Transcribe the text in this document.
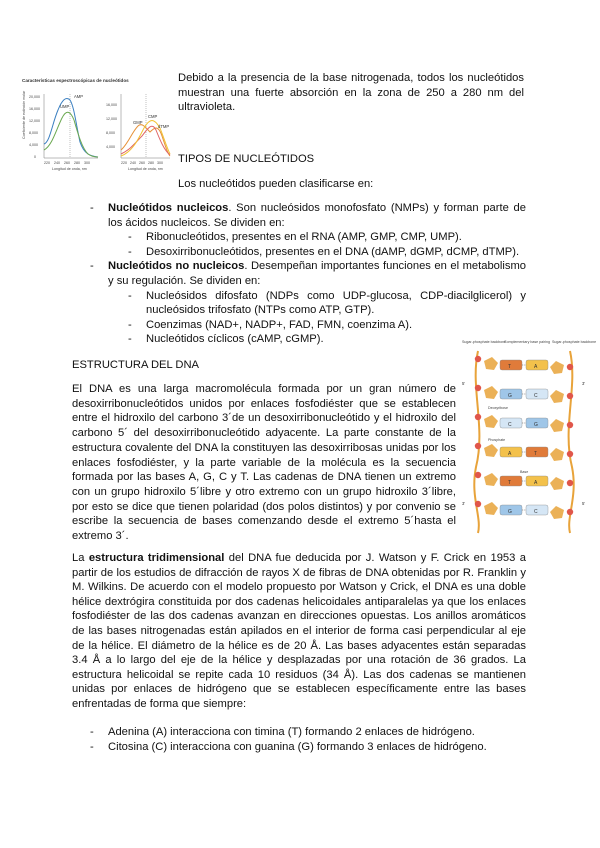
Características espectroscópicas de nucleótidos
Coeficiente de extinción molar 20,000
16,000
12,000
8,000
4,000
0
UMP
AMP
220 240 260 280 300
Longitud de onda, nm
16,000
12,000
8,000
4,000
GMP
CMP
dTMP
220 240 260 280 300
Longitud de onda, nm
Debido a la presencia de la base nitrogenada, todos los nucleótidos muestran una fuerte absorción en la zona de 250 a 280 nm del ultravioleta.
TIPOS DE NUCLEÓTIDOS
Los nucleótidos pueden clasificarse en:
- Nucleótidos nucleicos. Son nucleósidos monofosfato (NMPs) y forman parte de los ácidos nucleicos. Se dividen en:
- Ribonucleótidos, presentes en el RNA (AMP, GMP, CMP, UMP).
- Desoxirribonucleótidos, presentes en el DNA (dAMP, dGMP, dCMP, dTMP).
- Nucleótidos no nucleicos. Desempeñan importantes funciones en el metabolismo y su regulación. Se dividen en:
- Nucleósidos difosfato (NDPs como UDP-glucosa, CDP-diacilglicerol) y nucleósidos trifosfato (NTPs como ATP, GTP).
- Coenzimas (NAD+, NADP+, FAD, FMN, coenzima A).
- Nucleótidos cíclicos (cAMP, cGMP).
ESTRUCTURA DEL DNA
El DNA es una larga macromolécula formada por un gran número de desoxirribonucleótidos unidos por enlaces fosfodiéster que se establecen entre el hidroxilo del carbono 3´de un desoxirribonucleótido y el hidroxilo del carbono 5´ del desoxirribonucleótido adyacente. La parte constante de la estructura covalente del DNA la constituyen las desoxirribosas unidas por los enlaces fosfodiéster, y la parte variable de la molécula es la secuencia formada por las bases A, G, C y T. Las cadenas de DNA tienen un extremo con un grupo hidroxilo 5´libre y otro extremo con un grupo hidroxilo 3´libre, por esto se dice que tienen polaridad (dos polos distintos) y por convenio se escribe la secuencia de bases comenzando desde el extremo 5´hasta el extremo 3´.
Sugar-phosphate backbone
Complementary base pairing Sugar-phosphate backbone
5'	3'
3'	5'
T	A
G	C
C	G
A	T
T	A
G	C
Deoxyribose
Phosphate
Base
La estructura tridimensional del DNA fue deducida por J. Watson y F. Crick en 1953 a partir de los estudios de difracción de rayos X de fibras de DNA obtenidas por R. Franklin y M. Wilkins. De acuerdo con el modelo propuesto por Watson y Crick, el DNA es una doble hélice dextrógira constituida por dos cadenas helicoidales antiparalelas ya que los enlaces fosfodiéster de las dos cadenas avanzan en direcciones opuestas. Los anillos aromáticos de las bases nitrogenadas están apilados en el interior de forma casi perpendicular al eje de la hélice. El diámetro de la hélice es de 20 Å. Las bases adyacentes están separadas 3.4 Å a lo largo del eje de la hélice y desplazadas por una rotación de 36 grados. La estructura helicoidal se repite cada 10 residuos (34 Å). Las dos cadenas se mantienen unidas por enlaces de hidrógeno que se establecen específicamente entre las bases enfrentadas de forma que siempre:
- Adenina (A) interacciona con timina (T) formando 2 enlaces de hidrógeno.
- Citosina (C) interacciona con guanina (G) formando 3 enlaces de hidrógeno.
